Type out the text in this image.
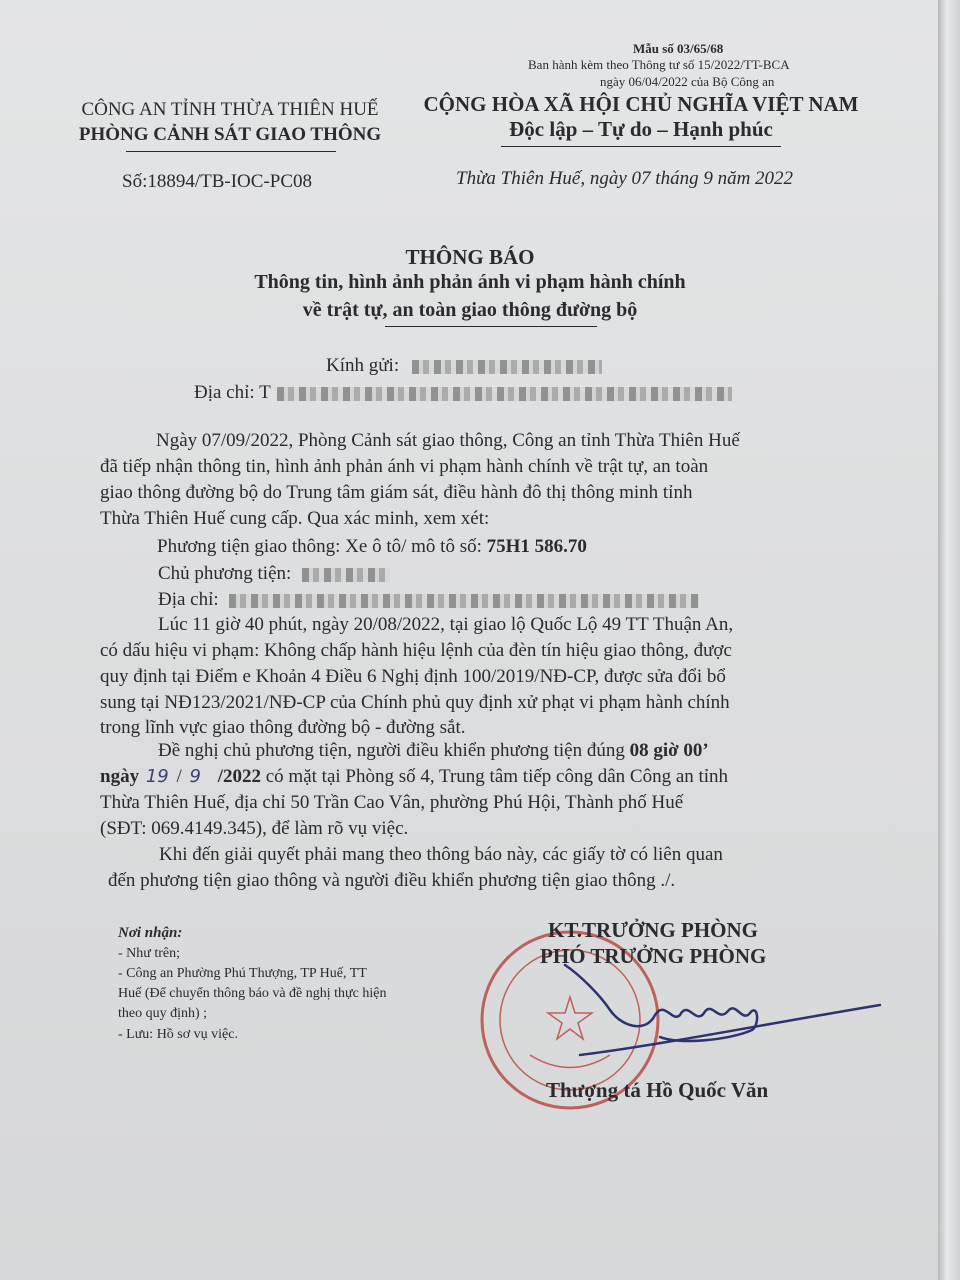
Mẫu số 03/65/68
Ban hành kèm theo Thông tư số 15/2022/TT-BCA
ngày 06/04/2022 của Bộ Công an
CÔNG AN TỈNH THỪA THIÊN HUẾ
PHÒNG CẢNH SÁT GIAO THÔNG
CỘNG HÒA XÃ HỘI CHỦ NGHĨA VIỆT NAM
Độc lập – Tự do – Hạnh phúc
Số:18894/TB-IOC-PC08	Thừa Thiên Huế, ngày 07 tháng 9 năm 2022
THÔNG BÁO
Thông tin, hình ảnh phản ánh vi phạm hành chính
về trật tự, an toàn giao thông đường bộ
Kính gửi:
Địa chỉ: T
Ngày 07/09/2022, Phòng Cảnh sát giao thông, Công an tỉnh Thừa Thiên Huế
đã tiếp nhận thông tin, hình ảnh phản ánh vi phạm hành chính về trật tự, an toàn
giao thông đường bộ do Trung tâm giám sát, điều hành đô thị thông minh tỉnh
Thừa Thiên Huế cung cấp. Qua xác minh, xem xét:
Phương tiện giao thông: Xe ô tô/ mô tô số: 75H1 586.70
Chủ phương tiện:
Địa chỉ:
Lúc 11 giờ 40 phút, ngày 20/08/2022, tại giao lộ Quốc Lộ 49 TT Thuận An,
có dấu hiệu vi phạm: Không chấp hành hiệu lệnh của đèn tín hiệu giao thông, được
quy định tại Điểm e Khoản 4 Điều 6 Nghị định 100/2019/NĐ-CP, được sửa đổi bổ
sung tại NĐ123/2021/NĐ-CP của Chính phủ quy định xử phạt vi phạm hành chính
trong lĩnh vực giao thông đường bộ - đường sắt.
Đề nghị chủ phương tiện, người điều khiển phương tiện đúng 08 giờ 00’
ngày 19 / 9 /2022 có mặt tại Phòng số 4, Trung tâm tiếp công dân Công an tỉnh
Thừa Thiên Huế, địa chỉ 50 Trần Cao Vân, phường Phú Hội, Thành phố Huế
(SĐT: 069.4149.345), để làm rõ vụ việc.
Khi đến giải quyết phải mang theo thông báo này, các giấy tờ có liên quan
đến phương tiện giao thông và người điều khiển phương tiện giao thông ./.
Nơi nhận:
- Như trên;
- Công an Phường Phú Thượng, TP Huế, TT
Huế (Để chuyển thông báo và đề nghị thực hiện
theo quy định) ;
- Lưu: Hồ sơ vụ việc.
KT.TRƯỞNG PHÒNG
PHÓ TRƯỞNG PHÒNG
Thượng tá Hồ Quốc Văn
